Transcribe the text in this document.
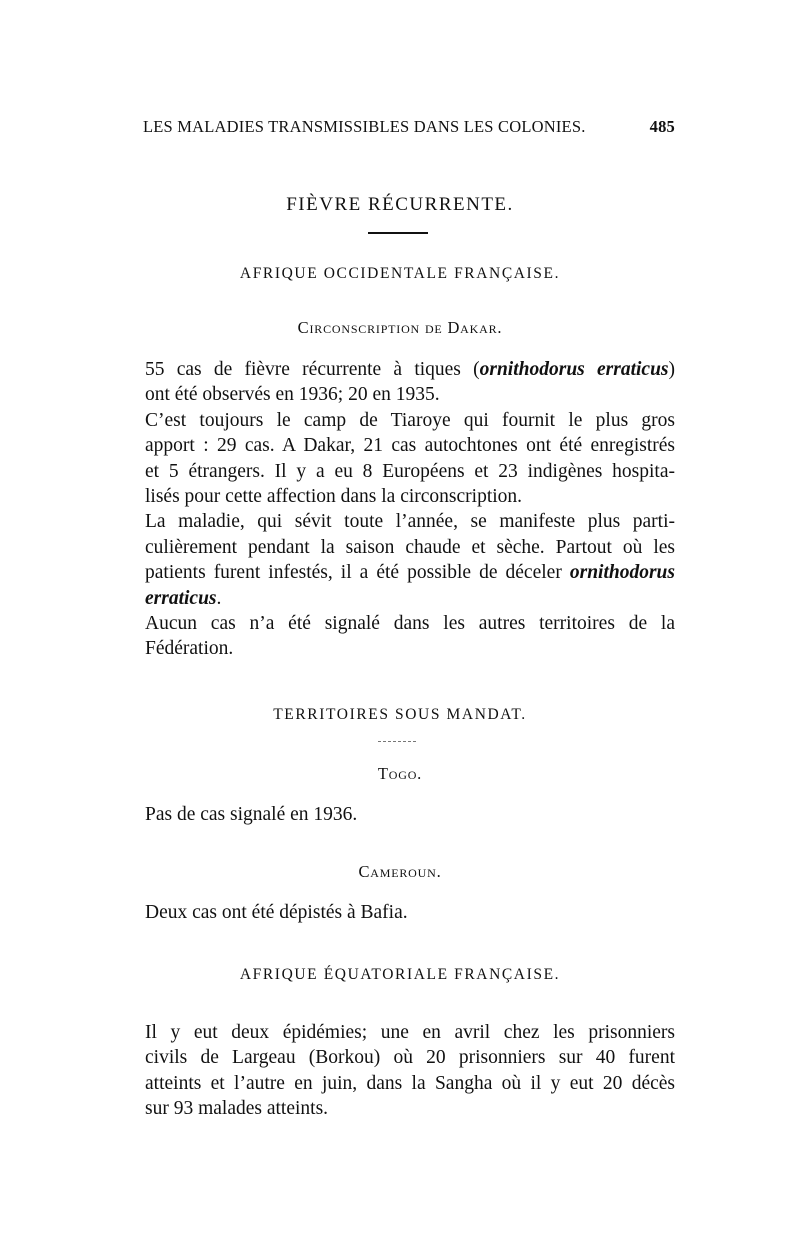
LES MALADIES TRANSMISSIBLES DANS LES COLONIES.	485
FIÈVRE RÉCURRENTE.
AFRIQUE OCCIDENTALE FRANÇAISE.
Circonscription de Dakar.
55 cas de fièvre récurrente à tiques (ornithodorus erraticus)
ont été observés en 1936; 20 en 1935.
C’est toujours le camp de Tiaroye qui fournit le plus gros
apport : 29 cas. A Dakar, 21 cas autochtones ont été enregistrés
et 5 étrangers. Il y a eu 8 Européens et 23 indigènes hospita-
lisés pour cette affection dans la circonscription.
La maladie, qui sévit toute l’année, se manifeste plus parti-
culièrement pendant la saison chaude et sèche. Partout où les
patients furent infestés, il a été possible de déceler ornithodorus
erraticus.
Aucun cas n’a été signalé dans les autres territoires de la
Fédération.
TERRITOIRES SOUS MANDAT.
Togo.
Pas de cas signalé en 1936.
Cameroun.
Deux cas ont été dépistés à Bafia.
AFRIQUE ÉQUATORIALE FRANÇAISE.
Il y eut deux épidémies; une en avril chez les prisonniers
civils de Largeau (Borkou) où 20 prisonniers sur 40 furent
atteints et l’autre en juin, dans la Sangha où il y eut 20 décès
sur 93 malades atteints.
